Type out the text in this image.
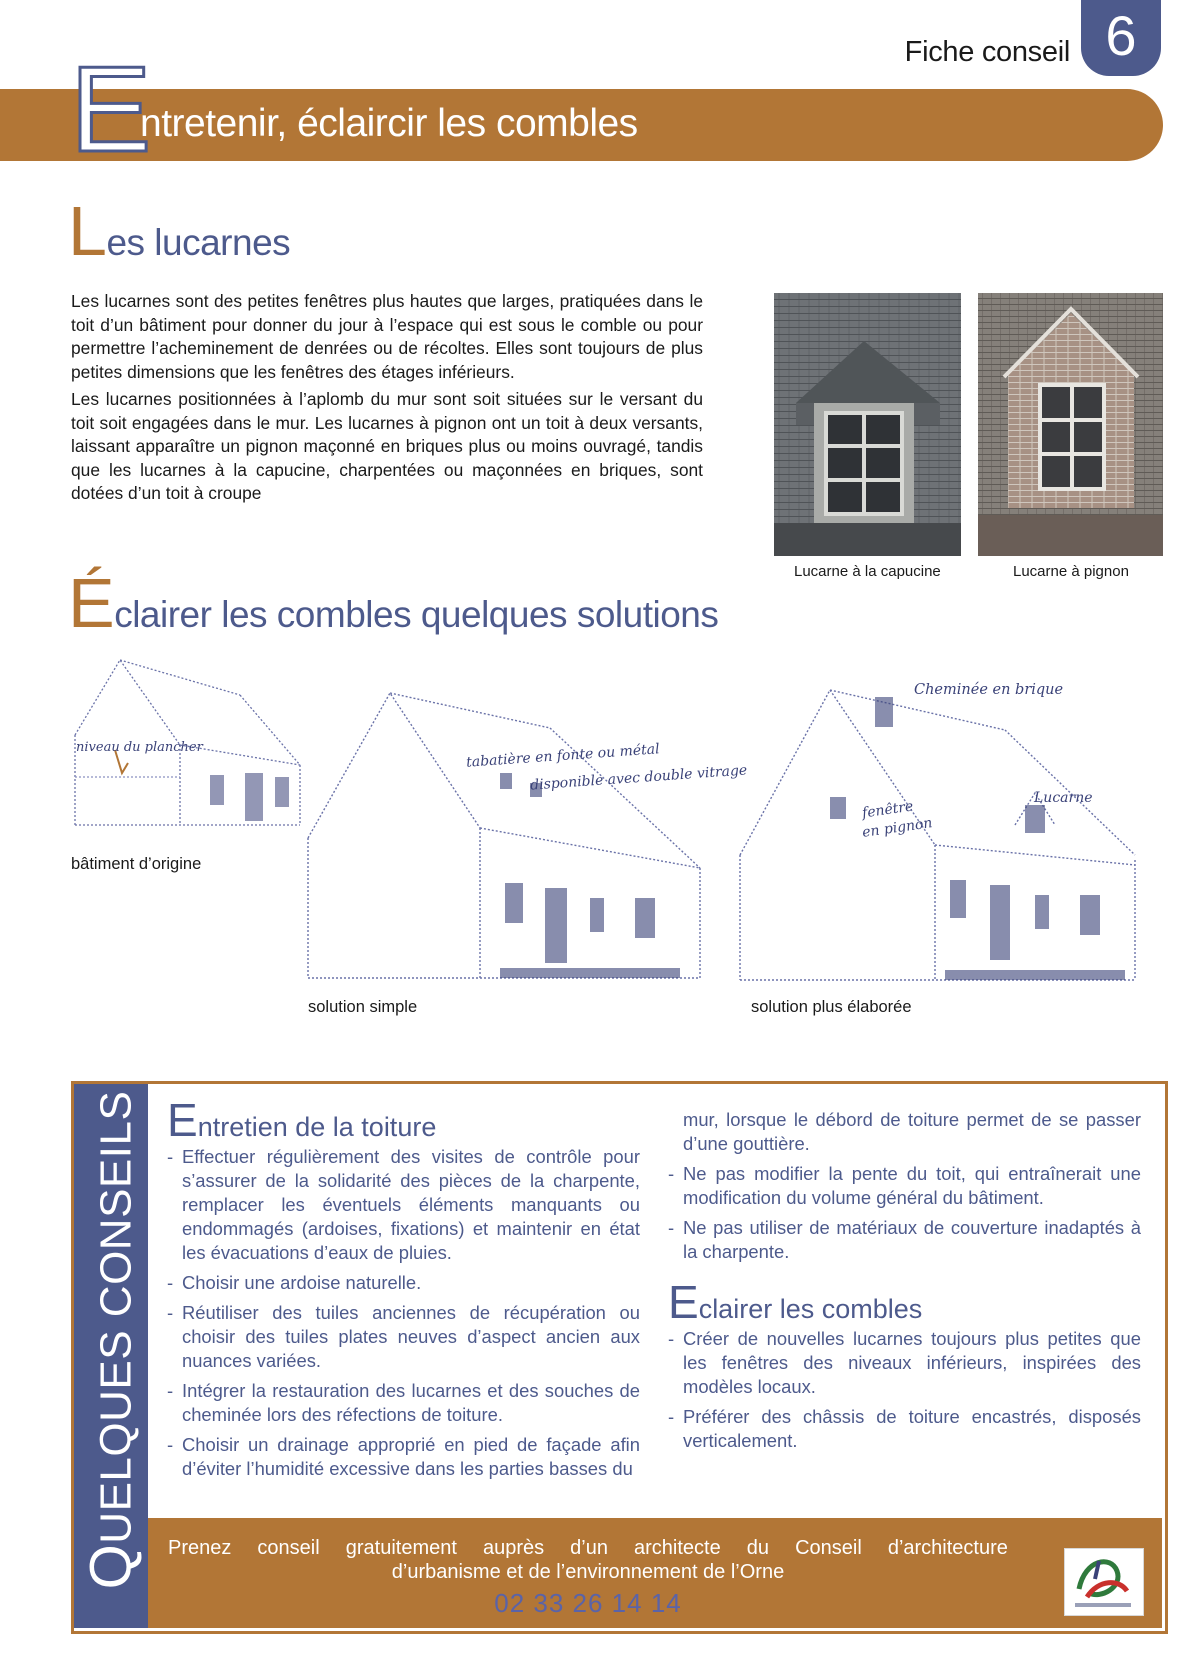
Fiche conseil 6
E
ntretenir, éclaircir les combles
Les lucarnes

Les lucarnes sont des petites fenêtres plus hautes que larges, pratiquées dans le toit d’un bâtiment pour donner du jour à l’espace qui est sous le comble ou pour permettre l’acheminement de denrées ou de récoltes. Elles sont toujours de plus petites dimensions que les fenêtres des étages inférieurs.

Les lucarnes positionnées à l’aplomb du mur sont soit situées sur le versant du toit soit engagées dans le mur. Les lucarnes à pignon ont un toit à deux versants, laissant apparaître un pignon maçonné en briques plus ou moins ouvragé, tandis que les lucarnes à la capucine, charpentées ou maçonnées en briques, sont dotées d’un toit à croupe

Lucarne à la capucine	Lucarne à pignon
Éclairer les combles quelques solutions
niveau du plancher
bâtiment d’origine
tabatière en fonte ou métal
disponible avec double vitrage
solution simple
Cheminée en brique
Lucarne
fenêtre
en pignon
solution plus élaborée
QUELQUES CONSEILS Entretien de la toiture
- Effectuer régulièrement des visites de contrôle pour s’assurer de la solidarité des pièces de la charpente, remplacer les éventuels éléments manquants ou endommagés (ardoises, fixations) et maintenir en état les évacuations d’eaux de pluies.
- Choisir une ardoise naturelle.
- Réutiliser des tuiles anciennes de récupération ou choisir des tuiles plates neuves d’aspect ancien aux nuances variées.
- Intégrer la restauration des lucarnes et des souches de cheminée lors des réfections de toiture.
- Choisir un drainage approprié en pied de façade afin d’éviter l’humidité excessive dans les parties basses du
mur, lorsque le débord de toiture permet de se passer d’une gouttière.
- Ne pas modifier la pente du toit, qui entraînerait une modification du volume général du bâtiment.
- Ne pas utiliser de matériaux de couverture inadaptés à la charpente.
Eclairer les combles
- Créer de nouvelles lucarnes toujours plus petites que les fenêtres des niveaux inférieurs, inspirées des modèles locaux.
- Préférer des châssis de toiture encastrés, disposés verticalement.
Prenez conseil gratuitement auprès d’un architecte du Conseil d’architecture
d’urbanisme et de l’environnement de l’Orne
02 33 26 14 14
